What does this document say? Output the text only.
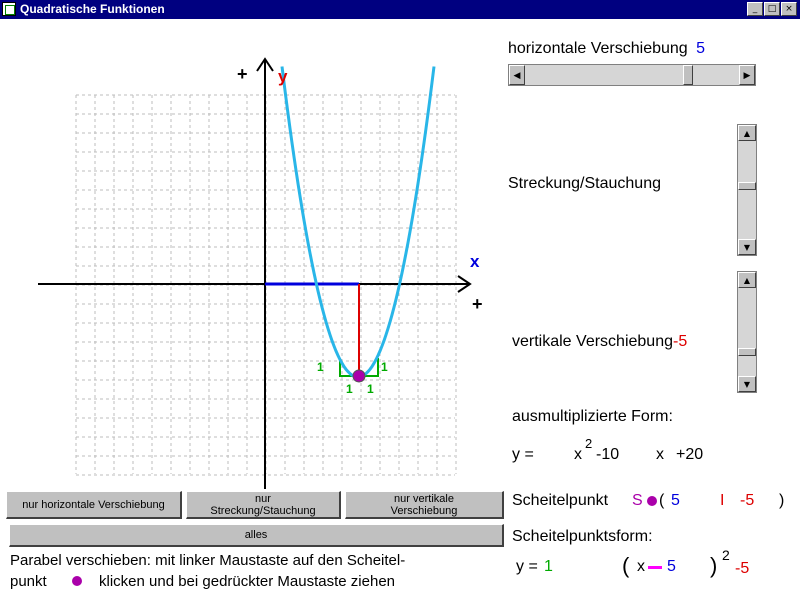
Quadratische Funktionen	_	□ ×
y
x
+
+
1	1
1 1
horizontale Verschiebung 5
◀	▶
Streckung/Stauchung
▲
▼
vertikale Verschiebung-5
▲
▼
ausmultiplizierte Form:
y =	x
2
-10 x +20
Scheitelpunkt S ( 5	I -5 )
Scheitelpunktsform:
y = 1	( x 5 ) 2
-5
nur horizontale Verschiebung	nur Streckung/Stauchung
nur vertikale Verschiebung
alles
Parabel verschieben: mit linker Maustaste auf den Scheitel-
punkt	klicken und bei gedrückter Maustaste ziehen
